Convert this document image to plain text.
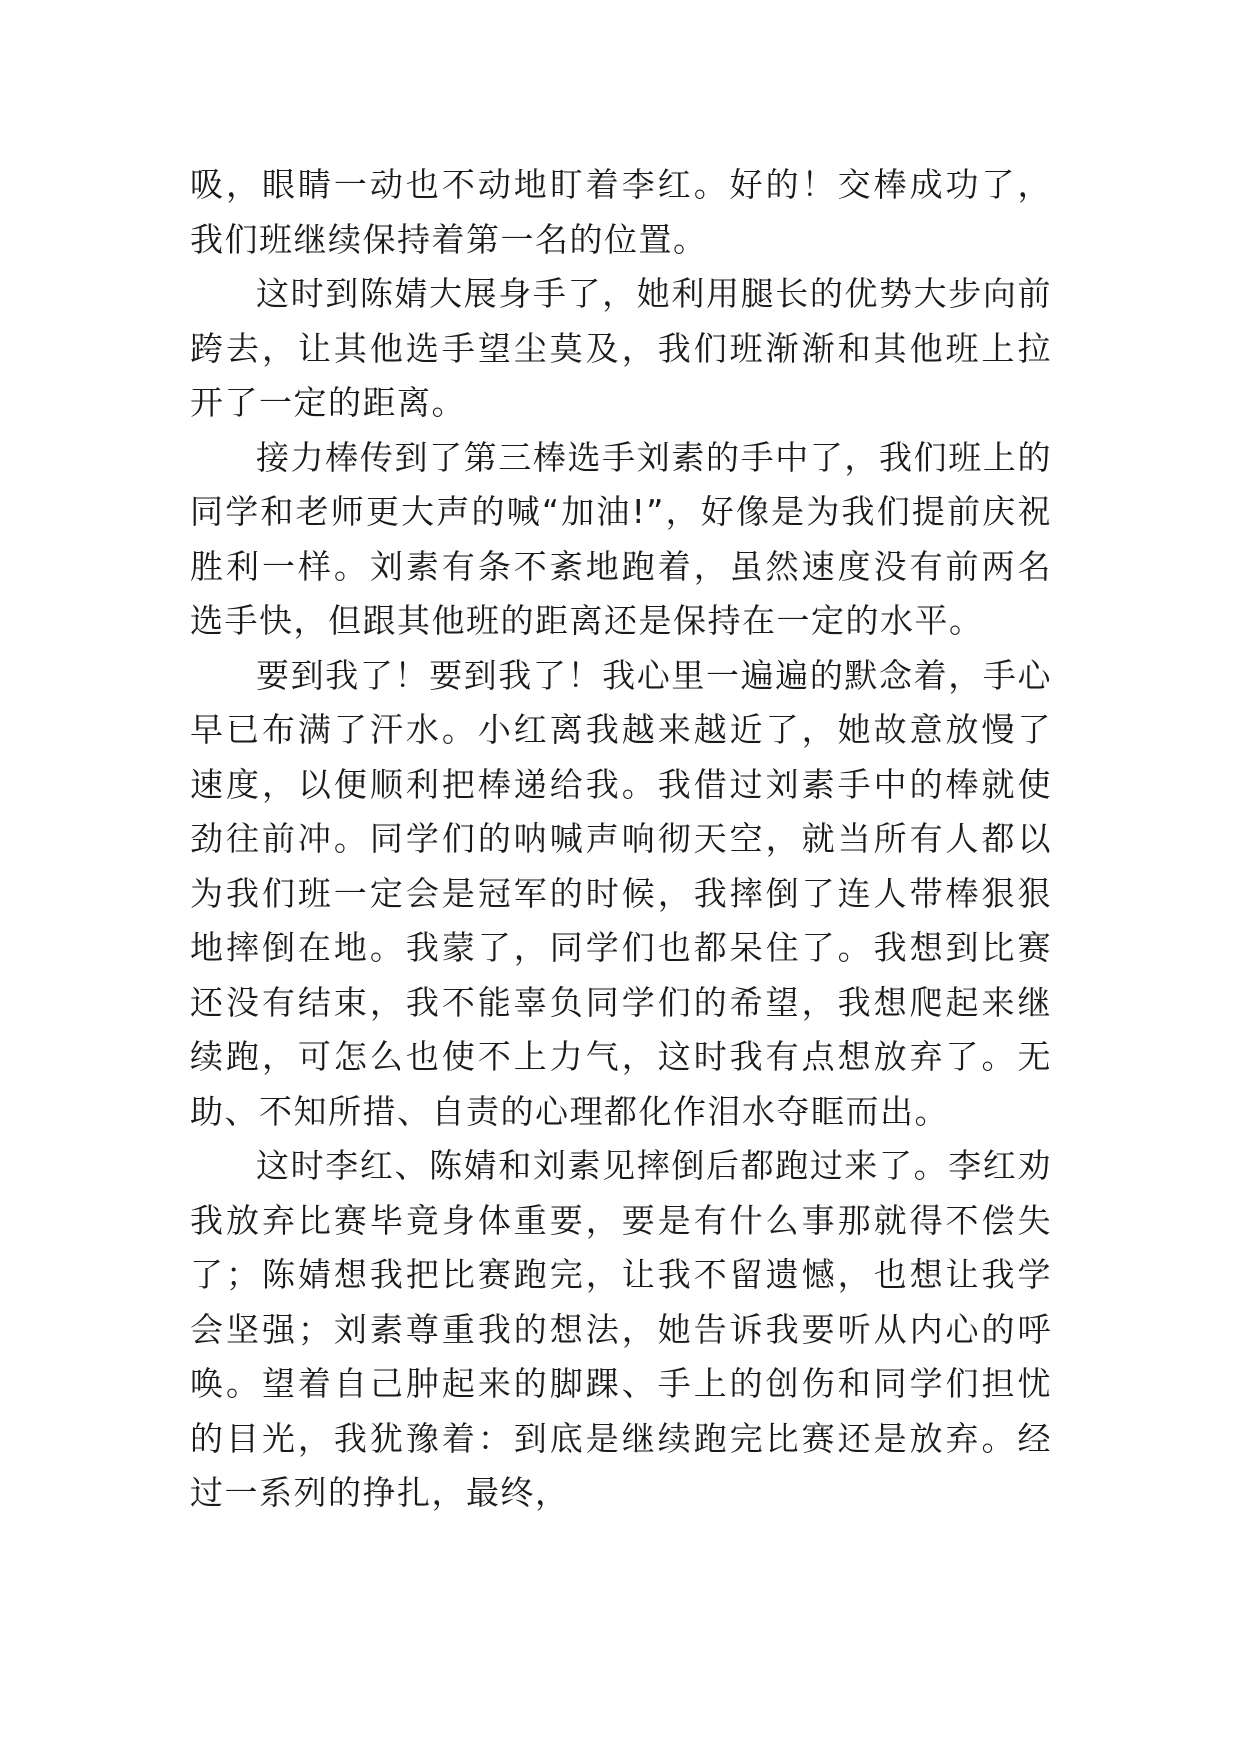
吸，眼睛一动也不动地盯着李红。好的！交棒成功了，我们班继续保持着第一名的位置。

这时到陈婧大展身手了，她利用腿长的优势大步向前跨去，让其他选手望尘莫及，我们班渐渐和其他班上拉开了一定的距离。

接力棒传到了第三棒选手刘素的手中了，我们班上的同学和老师更大声的喊“加油!”，好像是为我们提前庆祝胜利一样。刘素有条不紊地跑着，虽然速度没有前两名选手快，但跟其他班的距离还是保持在一定的水平。

要到我了！要到我了！我心里一遍遍的默念着，手心早已布满了汗水。小红离我越来越近了，她故意放慢了速度，以便顺利把棒递给我。我借过刘素手中的棒就使劲往前冲。同学们的呐喊声响彻天空，就当所有人都以为我们班一定会是冠军的时候，我摔倒了连人带棒狠狠地摔倒在地。我蒙了，同学们也都呆住了。我想到比赛还没有结束，我不能辜负同学们的希望，我想爬起来继续跑，可怎么也使不上力气，这时我有点想放弃了。无助、不知所措、自责的心理都化作泪水夺眶而出。

这时李红、陈婧和刘素见摔倒后都跑过来了。李红劝我放弃比赛毕竟身体重要，要是有什么事那就得不偿失了；陈婧想我把比赛跑完，让我不留遗憾，也想让我学会坚强；刘素尊重我的想法，她告诉我要听从内心的呼唤。望着自己肿起来的脚踝、手上的创伤和同学们担忧的目光，我犹豫着：到底是继续跑完比赛还是放弃。经过一系列的挣扎，最终，
